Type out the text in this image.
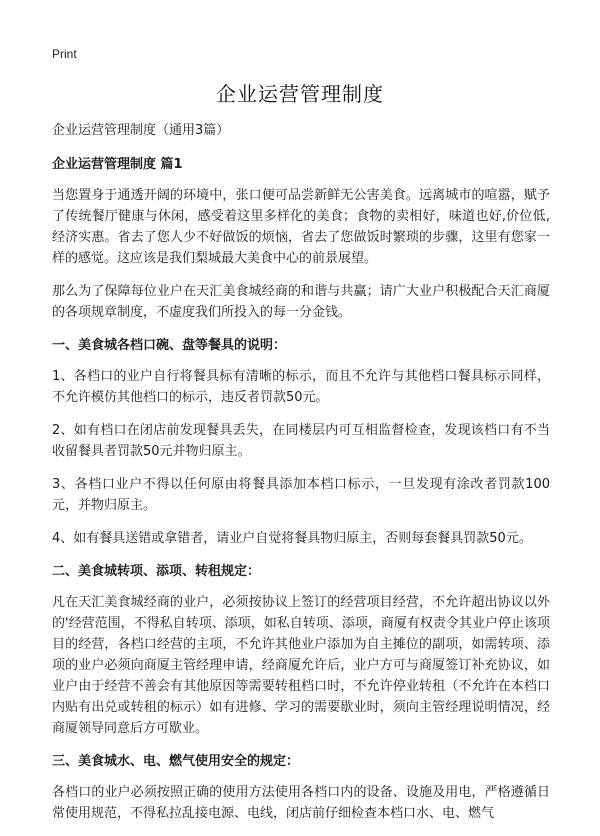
Print
企业运营管理制度

企业运营管理制度（通用3篇）

企业运营管理制度 篇1

当您置身于通透开阔的环境中，张口便可品尝新鲜无公害美食。远离城市的喧嚣，赋予了传统餐厅健康与休闲，感受着这里多样化的美食；食物的卖相好，味道也好,价位低,经济实惠。省去了您人少不好做饭的烦恼，省去了您做饭时繁琐的步骤，这里有您家一样的感觉。这应该是我们梨城最大美食中心的前景展望。

那么为了保障每位业户在天汇美食城经商的和谐与共赢；请广大业户积极配合天汇商厦的各项规章制度，不虚度我们所投入的每一分金钱。

一、美食城各档口碗、盘等餐具的说明：

1、各档口的业户自行将餐具标有清晰的标示，而且不允许与其他档口餐具标示同样，不允许模仿其他档口的标示，违反者罚款50元。

2、如有档口在闭店前发现餐具丢失，在同楼层内可互相监督检查，发现该档口有不当收留餐具者罚款50元并物归原主。

3、各档口业户不得以任何原由将餐具添加本档口标示，一旦发现有涂改者罚款100元，并物归原主。

4、如有餐具送错或拿错者，请业户自觉将餐具物归原主，否则每套餐具罚款50元。

二、美食城转项、添项、转租规定：

凡在天汇美食城经商的业户，必须按协议上签订的经营项目经营，不允许超出协议以外的'经营范围，不得私自转项、添项，如私自转项、添项，商厦有权责令其业户停止该项目的经营，各档口经营的主项，不允许其他业户添加为自主摊位的副项，如需转项、添项的业户必须向商厦主管经理申请，经商厦允许后，业户方可与商厦签订补充协议，如业户由于经营不善会有其他原因等需要转租档口时，不允许停业转租（不允许在本档口内贴有出兑或转租的标示）如有进修、学习的需要歇业时，须向主管经理说明情况，经商厦领导同意后方可歇业。

三、美食城水、电、燃气使用安全的规定：

各档口的业户必须按照正确的使用方法使用各档口内的设备、设施及用电，严格遵循日常使用规范，不得私拉乱接电源、电线，闭店前仔细检查本档口水、电、燃气
